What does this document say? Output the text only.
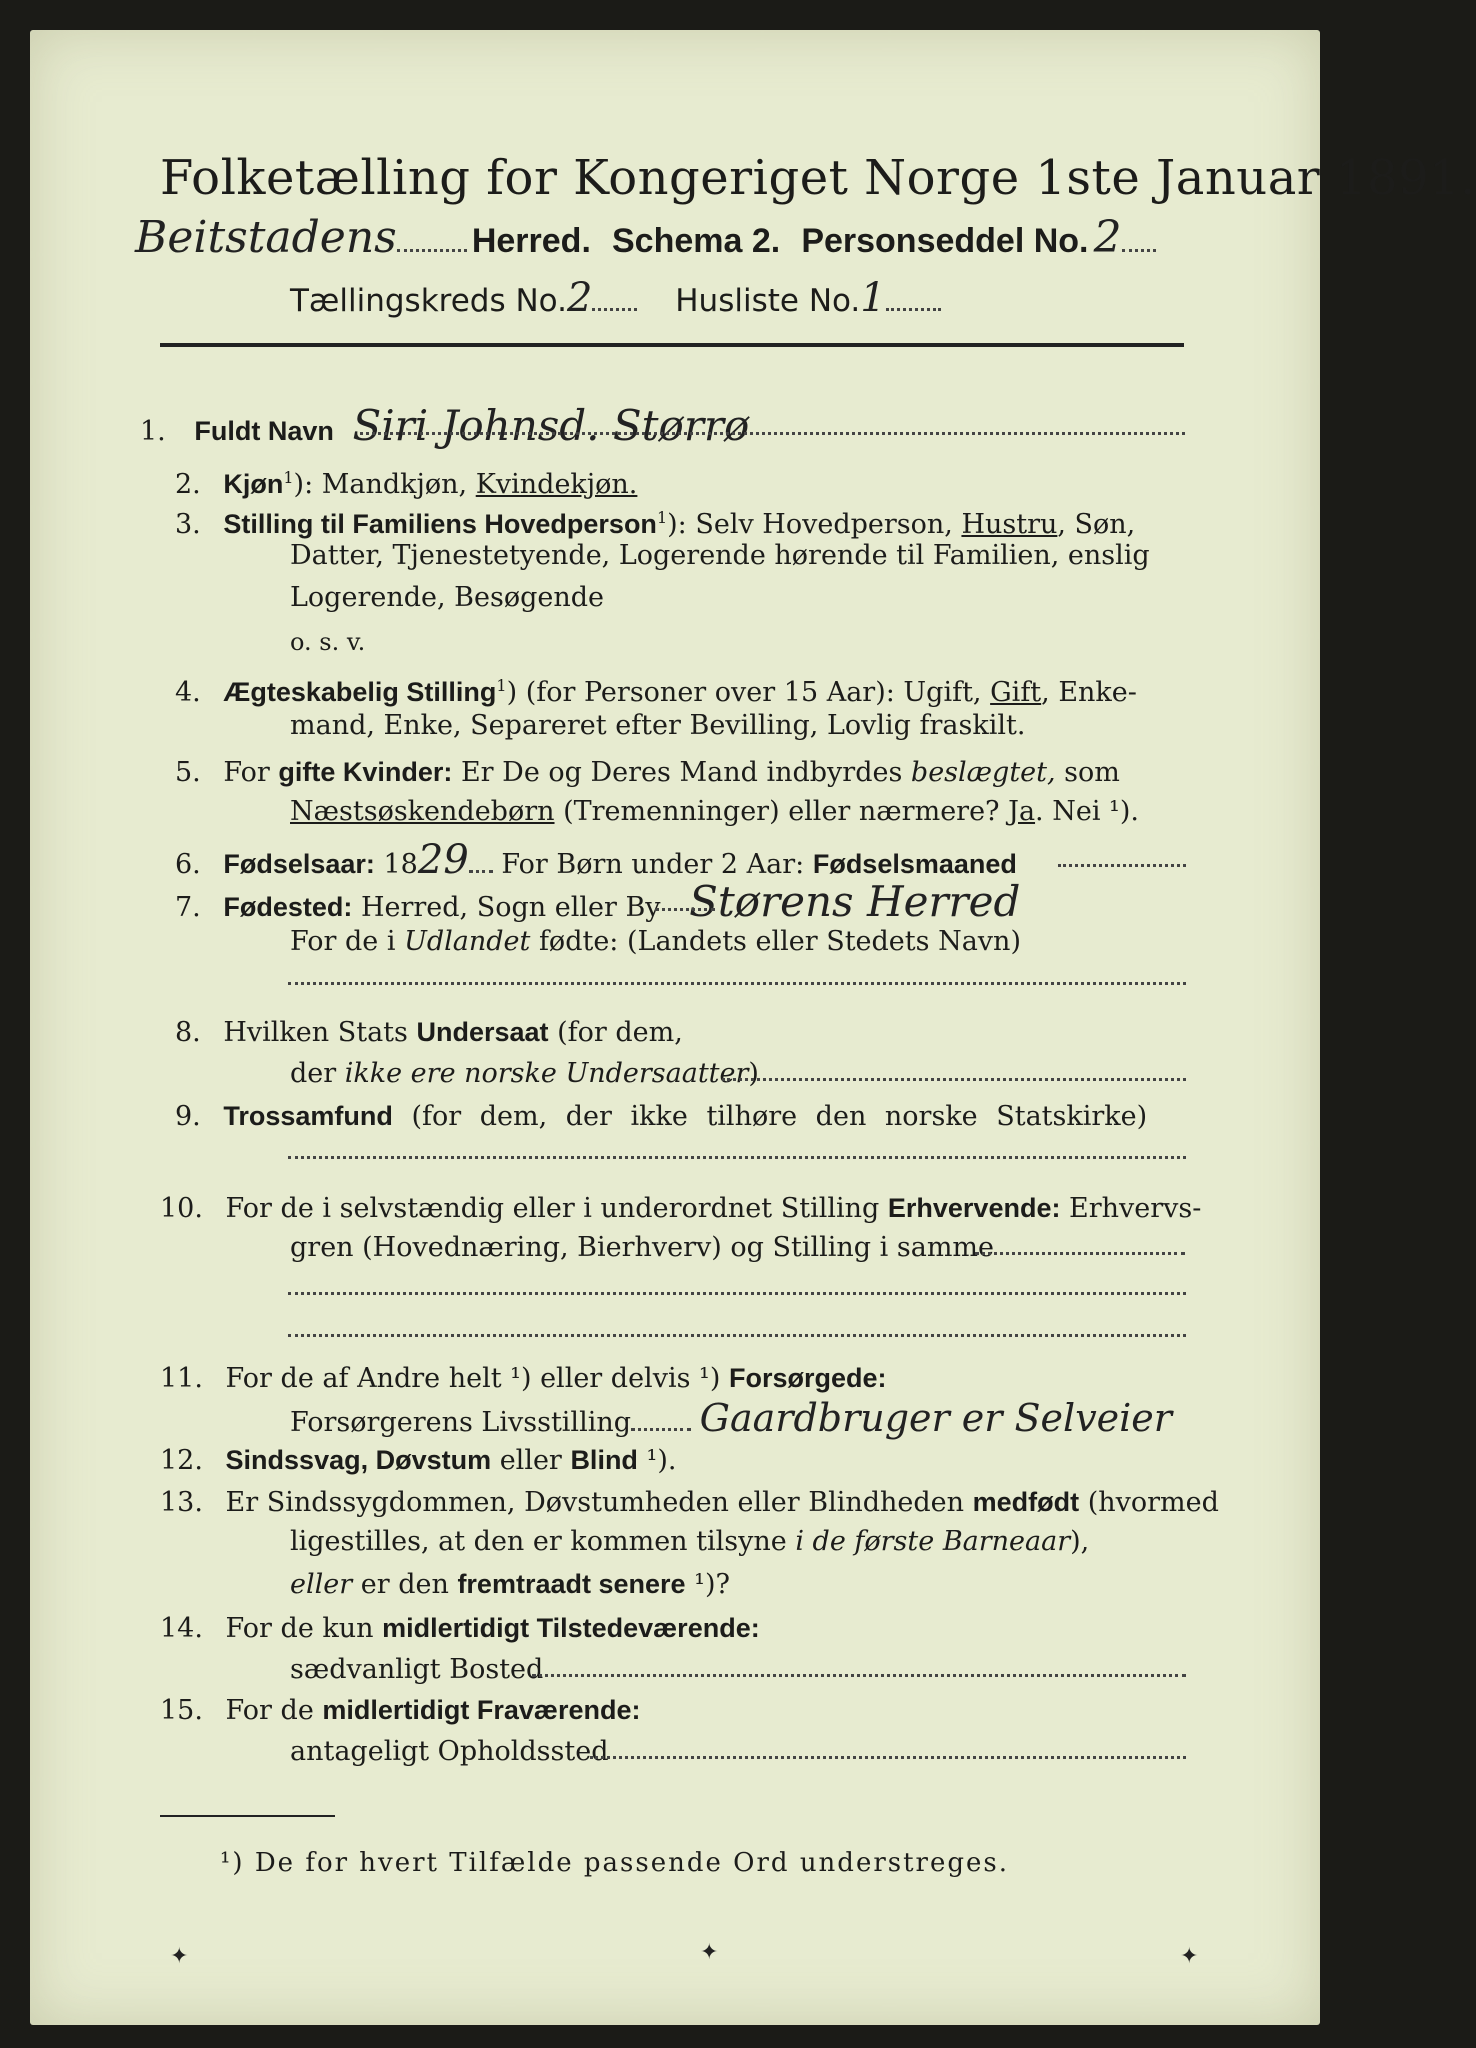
Folketælling for Kongeriget Norge 1ste Januar 1891.
Beitstadens Herred. Schema 2. Personseddel No. 2
Tællingskreds No.2	Husliste No.1
1. Fuldt Navn Siri Johnsd. Størrø
2. Kjøn$^1$): Mandkjøn, Kvindekjøn.
3. Stilling til Familiens Hovedperson$^1$): Selv Hovedperson, Hustru, Søn,
Datter, Tjenestetyende, Logerende hørende til Familien, enslig
Logerende, Besøgende
o. s. v.
4. Ægteskabelig Stilling$^1$) (for Personer over 15 Aar): Ugift, Gift, Enke-
mand, Enke, Separeret efter Bevilling, Lovlig fraskilt.
5. For gifte Kvinder: Er De og Deres Mand indbyrdes beslægtet, som
Næstsøskendebørn (Tremenninger) eller nærmere? Ja. Nei ¹).
6. Fødselsaar: 1829 For Børn under 2 Aar: Fødselsmaaned
7. Fødested: Herred, Sogn eller By Størens Herred
For de i Udlandet fødte: (Landets eller Stedets Navn)
8. Hvilken Stats Undersaat (for dem,
der ikke ere norske Undersaatter)
9. Trossamfund (for dem, der ikke tilhøre den norske Statskirke)
10. For de i selvstændig eller i underordnet Stilling Erhvervende: Erhvervs-
gren (Hovednæring, Bierhverv) og Stilling i samme
11. For de af Andre helt ¹) eller delvis ¹) Forsørgede:
Forsørgerens Livsstilling Gaardbruger er Selveier
12. Sindssvag, Døvstum eller Blind ¹).
13. Er Sindssygdommen, Døvstumheden eller Blindheden medfødt (hvormed
ligestilles, at den er kommen tilsyne i de første Barneaar),
eller er den fremtraadt senere ¹)?
14. For de kun midlertidigt Tilstedeværende:
sædvanligt Bosted
15. For de midlertidigt Fraværende:
antageligt Opholdssted
¹) De for hvert Tilfælde passende Ord understreges.
✦	✦	✦
